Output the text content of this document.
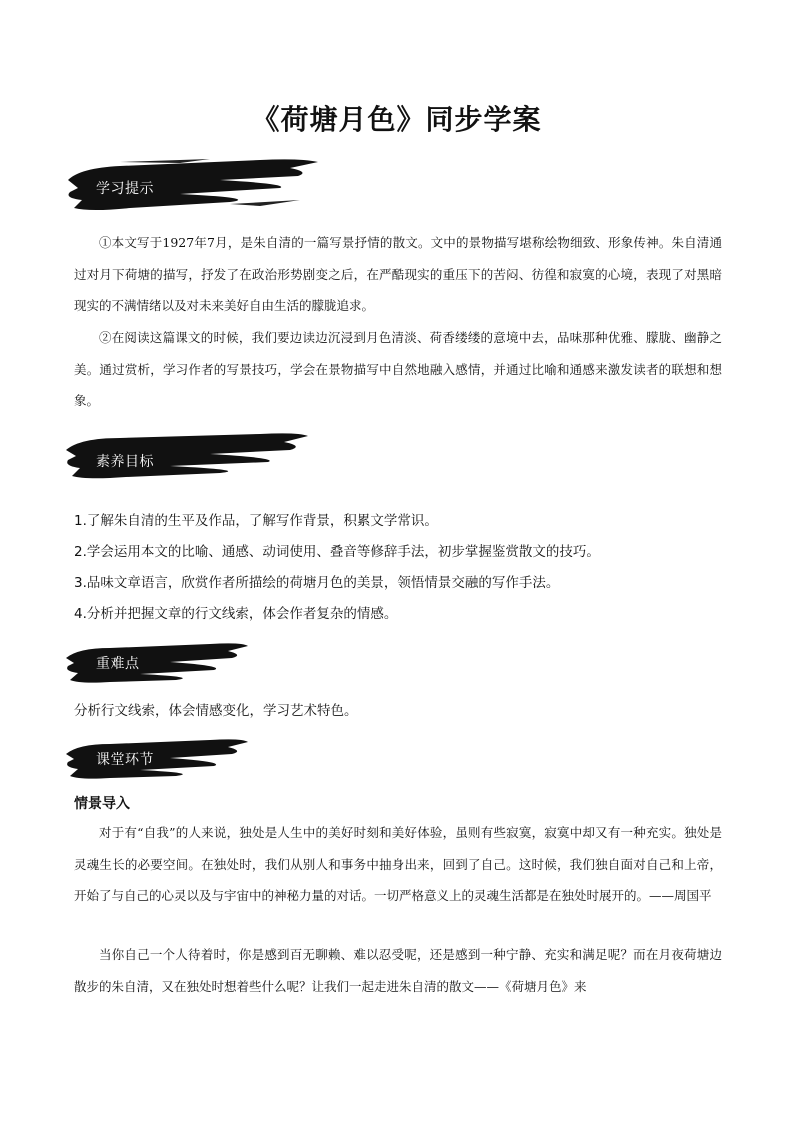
《荷塘月色》同步学案
学习提示

①本文写于1927年7月，是朱自清的一篇写景抒情的散文。文中的景物描写堪称绘物细致、形象传神。朱自清通过对月下荷塘的描写，抒发了在政治形势剧变之后，在严酷现实的重压下的苦闷、彷徨和寂寞的心境，表现了对黑暗现实的不满情绪以及对未来美好自由生活的朦胧追求。

②在阅读这篇课文的时候，我们要边读边沉浸到月色清淡、荷香缕缕的意境中去，品味那种优雅、朦胧、幽静之美。通过赏析，学习作者的写景技巧，学会在景物描写中自然地融入感情，并通过比喻和通感来激发读者的联想和想象。

素养目标
1.了解朱自清的生平及作品，了解写作背景，积累文学常识。
2.学会运用本文的比喻、通感、动词使用、叠音等修辞手法，初步掌握鉴赏散文的技巧。
3.品味文章语言，欣赏作者所描绘的荷塘月色的美景，领悟情景交融的写作手法。
4.分析并把握文章的行文线索，体会作者复杂的情感。
重难点

分析行文线索，体会情感变化，学习艺术特色。

课堂环节

情景导入

对于有“自我”的人来说，独处是人生中的美好时刻和美好体验，虽则有些寂寞，寂寞中却又有一种充实。独处是灵魂生长的必要空间。在独处时，我们从别人和事务中抽身出来，回到了自己。这时候，我们独自面对自己和上帝，开始了与自己的心灵以及与宇宙中的神秘力量的对话。一切严格意义上的灵魂生活都是在独处时展开的。——周国平

当你自己一个人待着时，你是感到百无聊赖、难以忍受呢，还是感到一种宁静、充实和满足呢？而在月夜荷塘边散步的朱自清，又在独处时想着些什么呢？让我们一起走进朱自清的散文——《荷塘月色》来
